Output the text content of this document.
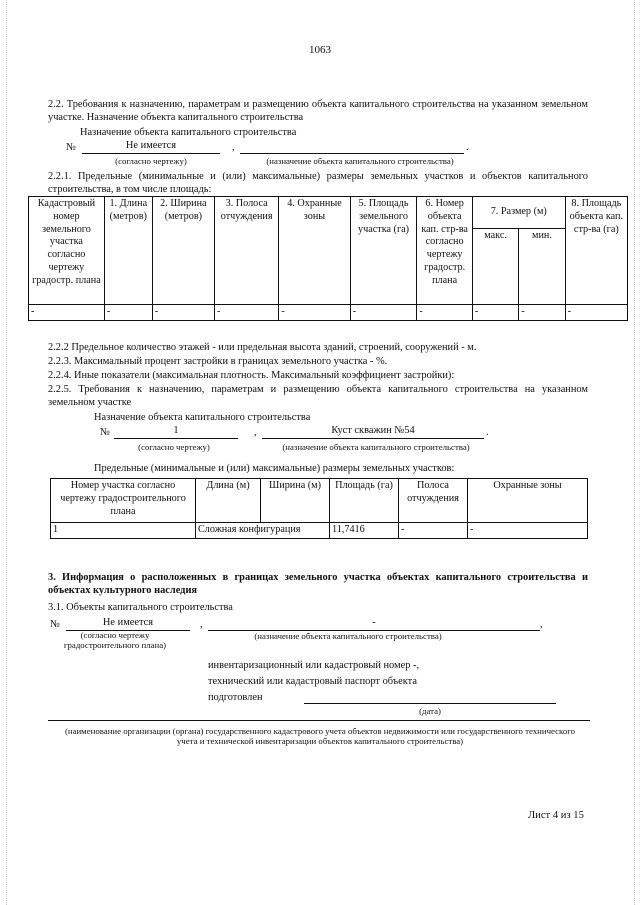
1063
2.2. Требования к назначению, параметрам и размещению объекта капитального строительства на указанном земельном участке. Назначение объекта капитального строительства
Назначение объекта капитального строительства
№	Не имеется	,	.
(согласно чертежу)	(назначение объекта капитального строительства)
2.2.1. Предельные (минимальные и (или) максимальные) размеры земельных участков и объектов капитального строительства, в том числе площадь:
Кадастровый номер земельного участка согласно чертежу градостр. плана	1. Длина (метров)	2. Ширина (метров)	3. Полоса отчуждения	4. Охранные зоны	5. Площадь земельного участка (га)	6. Номер объекта кап. стр-ва согласно чертежу градостр. плана	7. Размер (м)		8. Площадь объекта кап. стр-ва (га)
							макс.	мин.	
-	-	-	-	-	-	-	-	-	-
2.2.2 Предельное количество этажей - или предельная высота зданий, строений, сооружений - м.
2.2.3. Максимальный процент застройки в границах земельного участка - %.
2.2.4. Иные показатели (максимальная плотность. Максимальный коэффициент застройки):
2.2.5. Требования к назначению, параметрам и размещению объекта капитального строительства на указанном земельном участке
Назначение объекта капитального строительства
№	1	,	Куст скважин №54	.
(согласно чертежу)	(назначение объекта капитального строительства)
Предельные (минимальные и (или) максимальные) размеры земельных участков:
Номер участка согласно чертежу градостроительного плана	Длина (м)	Ширина (м)	Площадь (га)	Полоса отчуждения	Охранные зоны
1	Сложная конфигурация		11,7416	-	-
3. Информация о расположенных в границах земельного участка объектах капитального строительства и объектах культурного наследия
3.1. Объекты капитального строительства
№	Не имеется	,	-	,
(согласно чертежу градостроительного плана)
(назначение объекта капитального строительства)
инвентаризационный или кадастровый номер -,
технический или кадастровый паспорт объекта
подготовлен
(дата)
(наименование организации (органа) государственного кадастрового учета объектов недвижимости или государственного технического учета и технической инвентаризации объектов капитального строительства)
Лист 4 из 15
